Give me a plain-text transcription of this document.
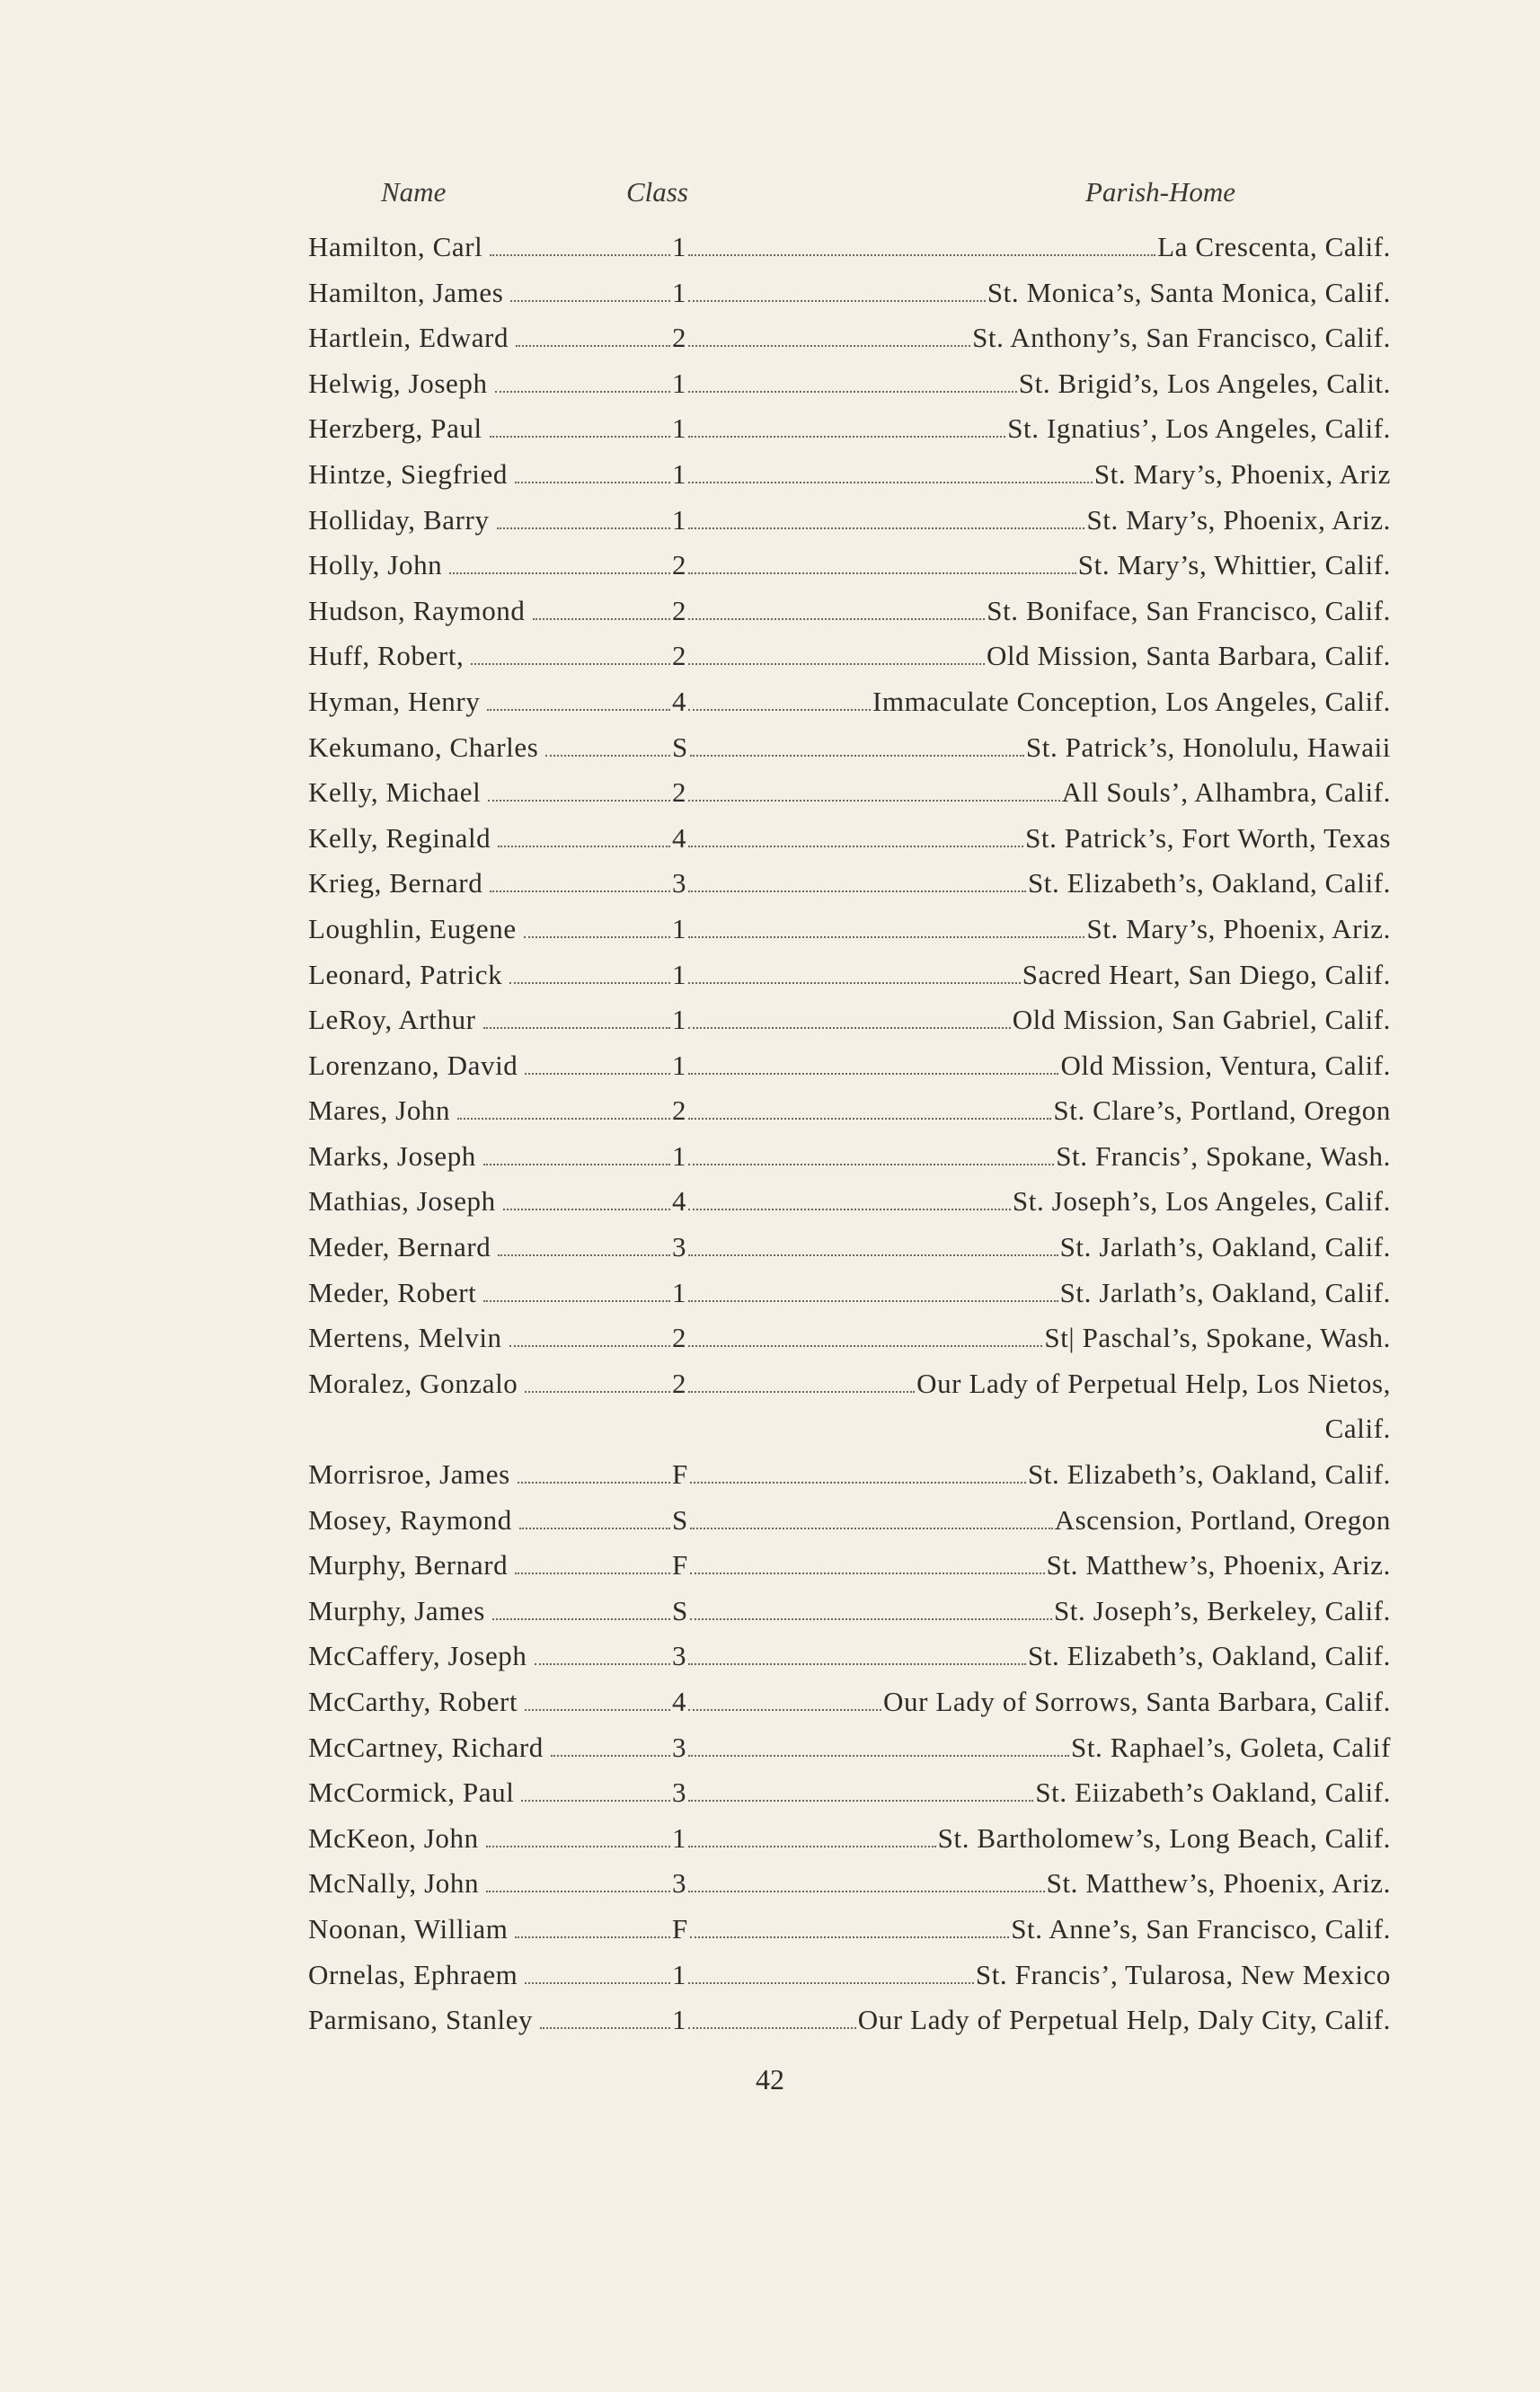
Name	Class	Parish-Home
Hamilton, Carl	1	La Crescenta, Calif.
Hamilton, James	1	St. Monica’s, Santa Monica, Calif.
Hartlein, Edward	2	St. Anthony’s, San Francisco, Calif.
Helwig, Joseph	1	St. Brigid’s, Los Angeles, Calit.
Herzberg, Paul	1	St. Ignatius’, Los Angeles, Calif.
Hintze, Siegfried	1	St. Mary’s, Phoenix, Ariz
Holliday, Barry	1	St. Mary’s, Phoenix, Ariz.
Holly, John	2	St. Mary’s, Whittier, Calif.
Hudson, Raymond	2	St. Boniface, San Francisco, Calif.
Huff, Robert,	2	Old Mission, Santa Barbara, Calif.
Hyman, Henry	4	Immaculate Conception, Los Angeles, Calif.
Kekumano, Charles	S	St. Patrick’s, Honolulu, Hawaii
Kelly, Michael	2	All Souls’, Alhambra, Calif.
Kelly, Reginald	4	St. Patrick’s, Fort Worth, Texas
Krieg, Bernard	3	St. Elizabeth’s, Oakland, Calif.
Loughlin, Eugene	1	St. Mary’s, Phoenix, Ariz.
Leonard, Patrick	1	Sacred Heart, San Diego, Calif.
LeRoy, Arthur	1	Old Mission, San Gabriel, Calif.
Lorenzano, David	1	Old Mission, Ventura, Calif.
Mares, John	2	St. Clare’s, Portland, Oregon
Marks, Joseph	1	St. Francis’, Spokane, Wash.
Mathias, Joseph	4	St. Joseph’s, Los Angeles, Calif.
Meder, Bernard	3	St. Jarlath’s, Oakland, Calif.
Meder, Robert	1	St. Jarlath’s, Oakland, Calif.
Mertens, Melvin	2	St| Paschal’s, Spokane, Wash.
Moralez, Gonzalo	2	Our Lady of Perpetual Help, Los Nietos,
Calif.
Morrisroe, James	F	St. Elizabeth’s, Oakland, Calif.
Mosey, Raymond	S	Ascension, Portland, Oregon
Murphy, Bernard	F	St. Matthew’s, Phoenix, Ariz.
Murphy, James	S	St. Joseph’s, Berkeley, Calif.
McCaffery, Joseph	3	St. Elizabeth’s, Oakland, Calif.
McCarthy, Robert	4	Our Lady of Sorrows, Santa Barbara, Calif.
McCartney, Richard	3	St. Raphael’s, Goleta, Calif
McCormick, Paul	3	St. Eiizabeth’s Oakland, Calif.
McKeon, John	1	St. Bartholomew’s, Long Beach, Calif.
McNally, John	3	St. Matthew’s, Phoenix, Ariz.
Noonan, William	F	St. Anne’s, San Francisco, Calif.
Ornelas, Ephraem	1	St. Francis’, Tularosa, New Mexico
Parmisano, Stanley	1	Our Lady of Perpetual Help, Daly City, Calif.
42
